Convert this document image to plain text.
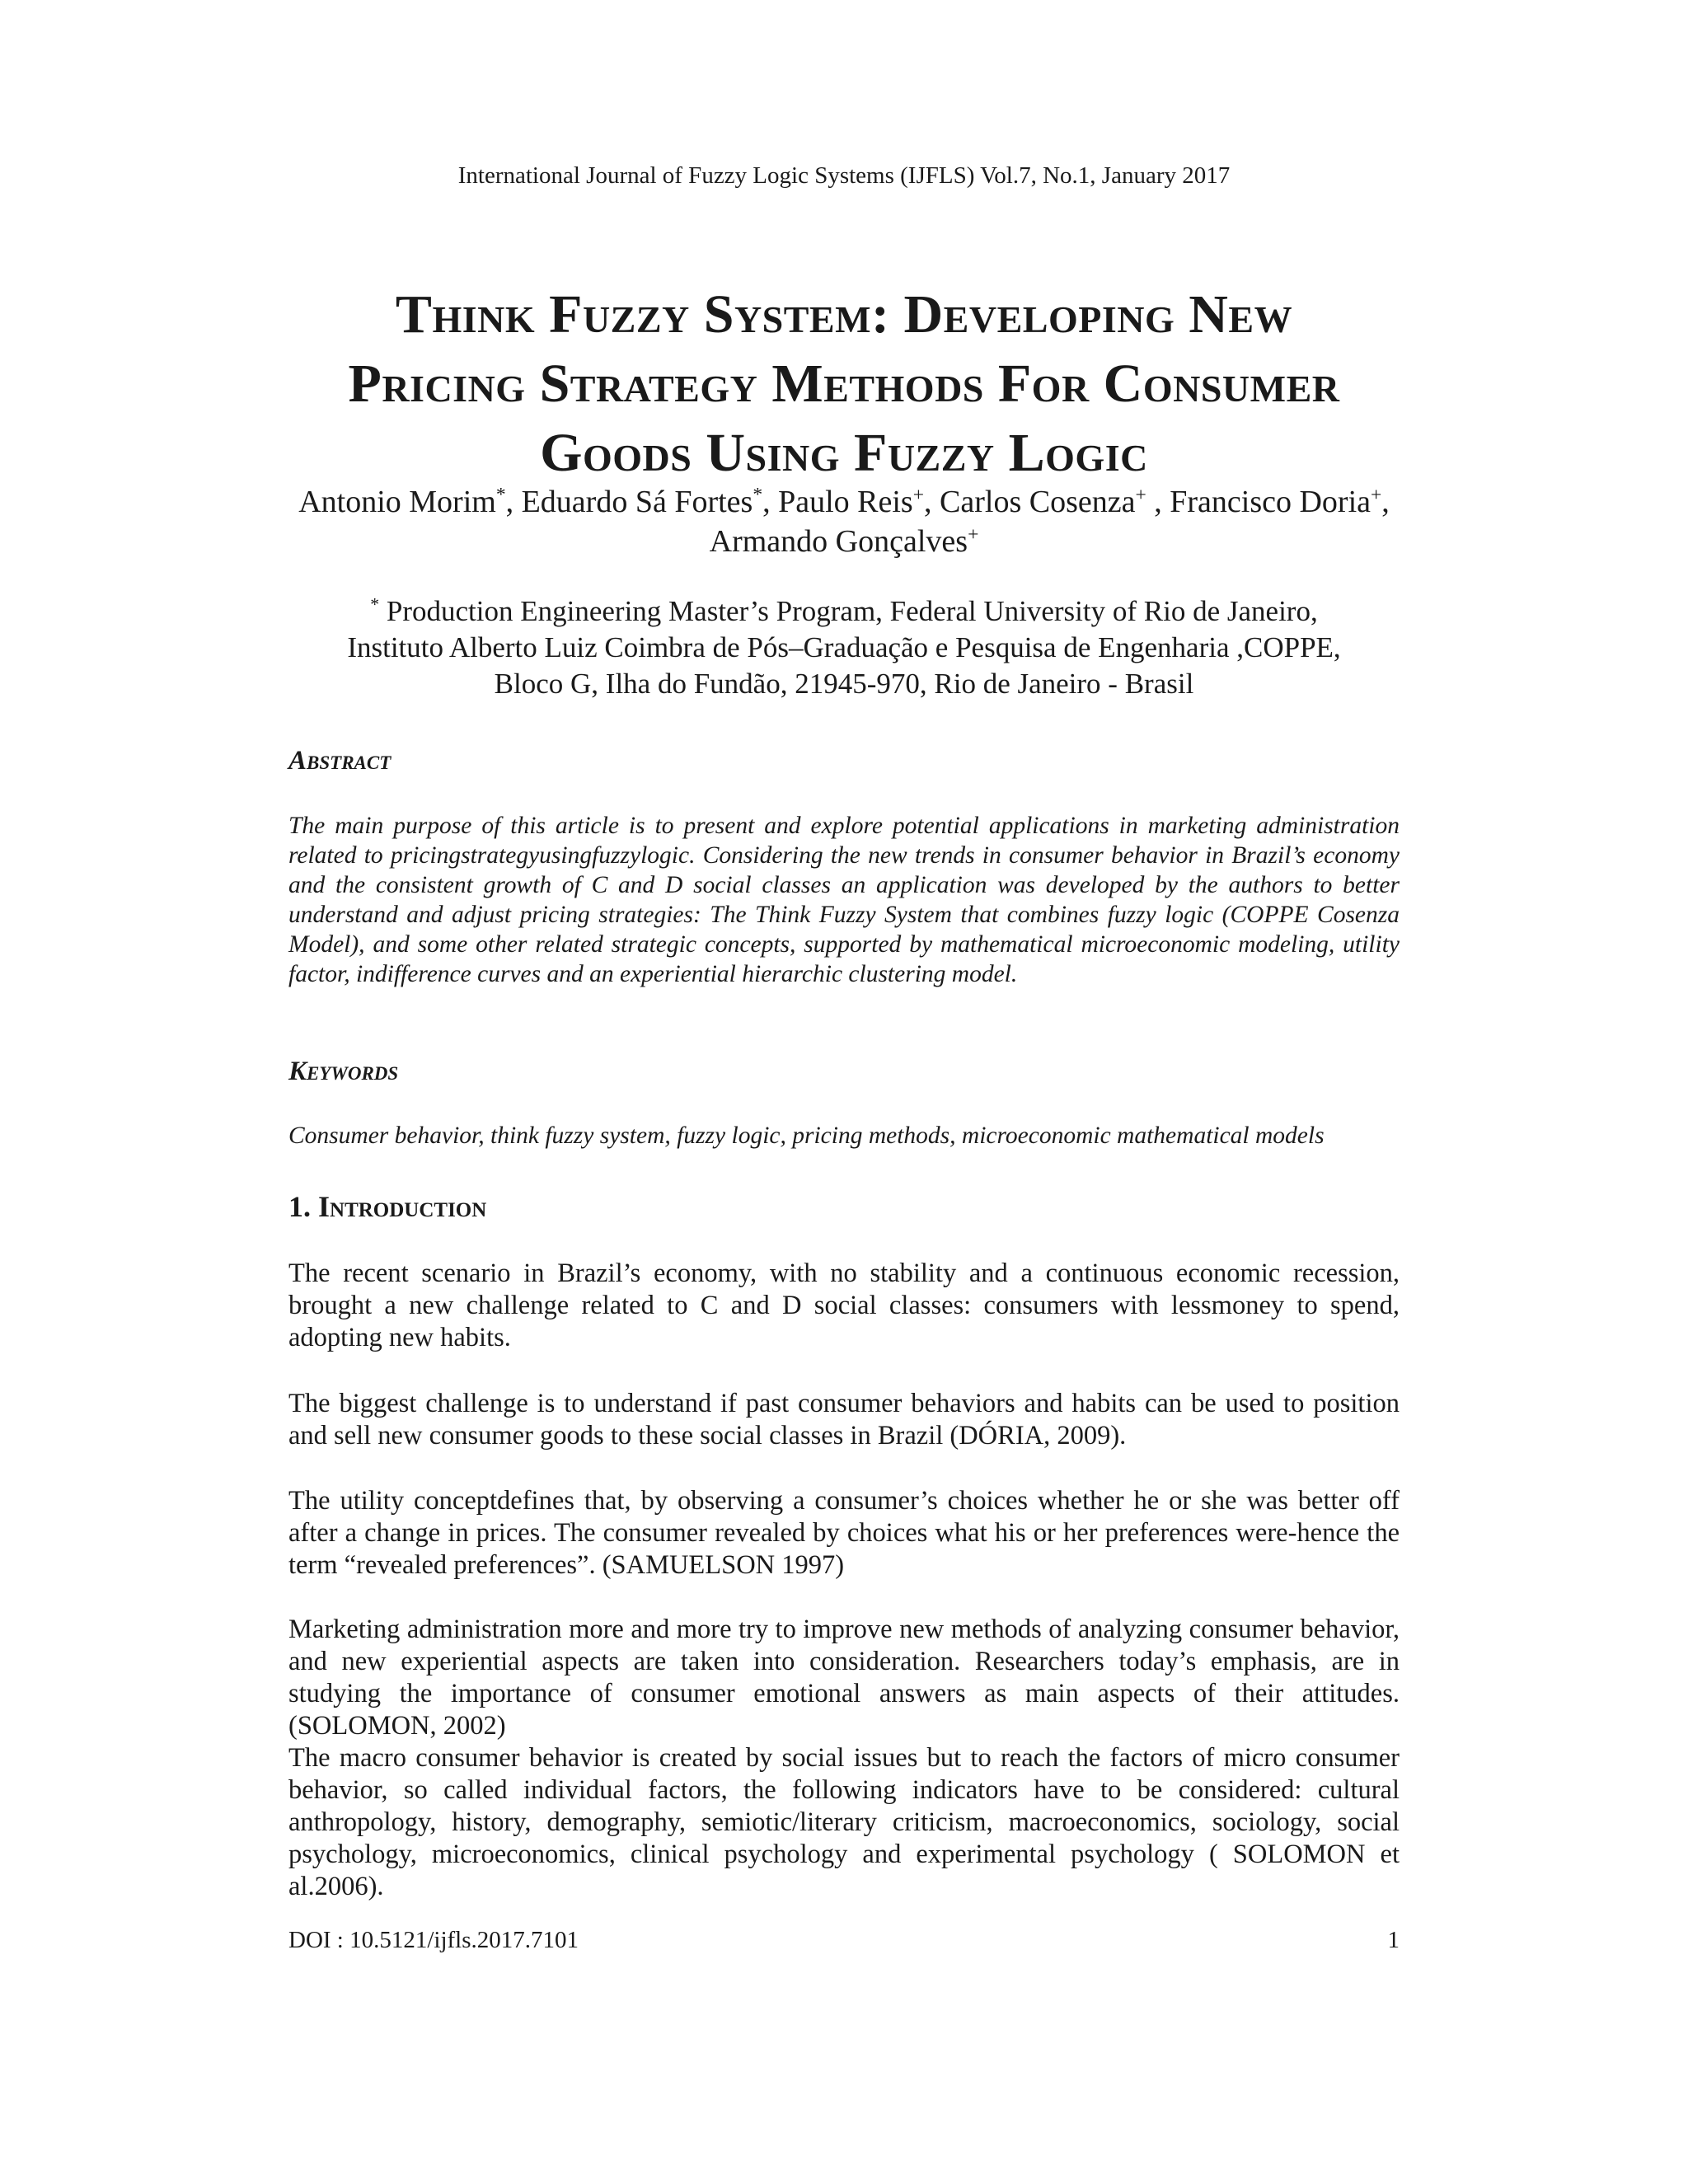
International Journal of Fuzzy Logic Systems (IJFLS) Vol.7, No.1, January 2017
Think Fuzzy System: Developing New
Pricing Strategy Methods For Consumer
Goods Using Fuzzy Logic
Antonio Morim*, Eduardo Sá Fortes*, Paulo Reis+, Carlos Cosenza+ , Francisco Doria+, Armando Gonçalves+
* Production Engineering Master’s Program, Federal University of Rio de Janeiro,
Instituto Alberto Luiz Coimbra de Pós–Graduação e Pesquisa de Engenharia ,COPPE,
Bloco G, Ilha do Fundão, 21945-970, Rio de Janeiro - Brasil
Abstract
The main purpose of this article is to present and explore potential applications in marketing administration related to pricingstrategyusingfuzzylogic. Considering the new trends in consumer behavior in Brazil’s economy and the consistent growth of C and D social classes an application was developed by the authors to better understand and adjust pricing strategies: The Think Fuzzy System that combines fuzzy logic (COPPE Cosenza Model), and some other related strategic concepts, supported by mathematical microeconomic modeling, utility factor, indifference curves and an experiential hierarchic clustering model.
Keywords
Consumer behavior, think fuzzy system, fuzzy logic, pricing methods, microeconomic mathematical models
1. Introduction
The recent scenario in Brazil’s economy, with no stability and a continuous economic recession, brought a new challenge related to C and D social classes: consumers with lessmoney to spend, adopting new habits.
The biggest challenge is to understand if past consumer behaviors and habits can be used to position and sell new consumer goods to these social classes in Brazil (DÓRIA, 2009).
The utility conceptdefines that, by observing a consumer’s choices whether he or she was better off after a change in prices. The consumer revealed by choices what his or her preferences were-hence the term “revealed preferences”. (SAMUELSON 1997)
Marketing administration more and more try to improve new methods of analyzing consumer behavior, and new experiential aspects are taken into consideration. Researchers today’s emphasis, are in studying the importance of consumer emotional answers as main aspects of their attitudes.(SOLOMON, 2002)
The macro consumer behavior is created by social issues but to reach the factors of micro consumer behavior, so called individual factors, the following indicators have to be considered: cultural anthropology, history, demography, semiotic/literary criticism, macroeconomics, sociology, social psychology, microeconomics, clinical psychology and experimental psychology ( SOLOMON et al.2006).
DOI : 10.5121/ijfls.2017.7101	1
